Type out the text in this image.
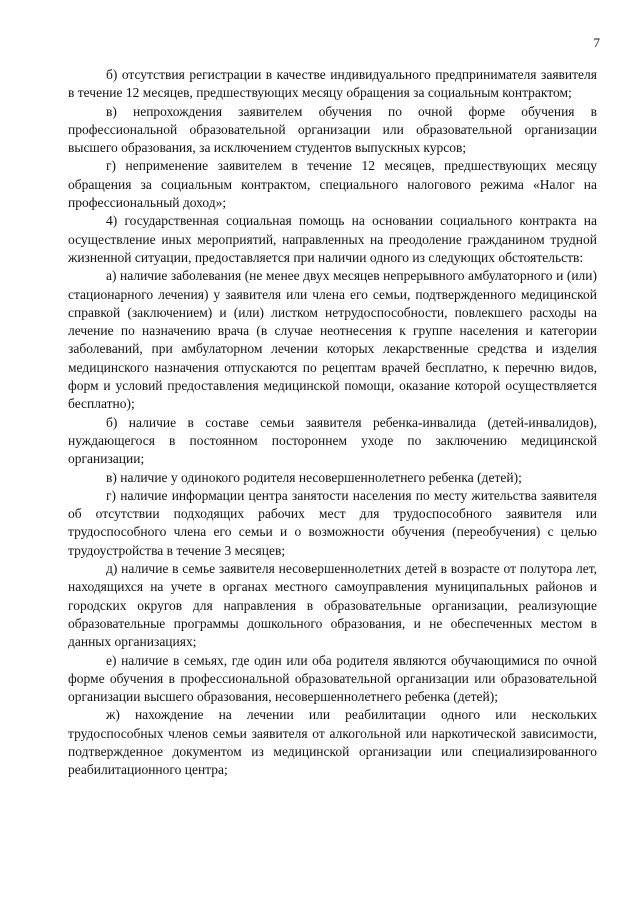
7

б) отсутствия регистрации в качестве индивидуального предпринимателя заявителя в течение 12 месяцев, предшествующих месяцу обращения за социальным контрактом;

в) непрохождения заявителем обучения по очной форме обучения в профессиональной образовательной организации или образовательной организации высшего образования, за исключением студентов выпускных курсов;

г) неприменение заявителем в течение 12 месяцев, предшествующих месяцу обращения за социальным контрактом, специального налогового режима «Налог на профессиональный доход»;

4) государственная социальная помощь на основании социального контракта на осуществление иных мероприятий, направленных на преодоление гражданином трудной жизненной ситуации, предоставляется при наличии одного из следующих обстоятельств:

а) наличие заболевания (не менее двух месяцев непрерывного амбулаторного и (или) стационарного лечения) у заявителя или члена его семьи, подтвержденного медицинской справкой (заключением) и (или) листком нетрудоспособности, повлекшего расходы на лечение по назначению врача (в случае неотнесения к группе населения и категории заболеваний, при амбулаторном лечении которых лекарственные средства и изделия медицинского назначения отпускаются по рецептам врачей бесплатно, к перечню видов, форм и условий предоставления медицинской помощи, оказание которой осуществляется бесплатно);

б) наличие в составе семьи заявителя ребенка-инвалида (детей-инвалидов), нуждающегося в постоянном постороннем уходе по заключению медицинской организации;

в) наличие у одинокого родителя несовершеннолетнего ребенка (детей);

г) наличие информации центра занятости населения по месту жительства заявителя об отсутствии подходящих рабочих мест для трудоспособного заявителя или трудоспособного члена его семьи и о возможности обучения (переобучения) с целью трудоустройства в течение 3 месяцев;

д) наличие в семье заявителя несовершеннолетних детей в возрасте от полутора лет, находящихся на учете в органах местного самоуправления муниципальных районов и городских округов для направления в образовательные организации, реализующие образовательные программы дошкольного образования, и не обеспеченных местом в данных организациях;

е) наличие в семьях, где один или оба родителя являются обучающимися по очной форме обучения в профессиональной образовательной организации или образовательной организации высшего образования, несовершеннолетнего ребенка (детей);

ж) нахождение на лечении или реабилитации одного или нескольких трудоспособных членов семьи заявителя от алкогольной или наркотической зависимости, подтвержденное документом из медицинской организации или специализированного реабилитационного центра;
